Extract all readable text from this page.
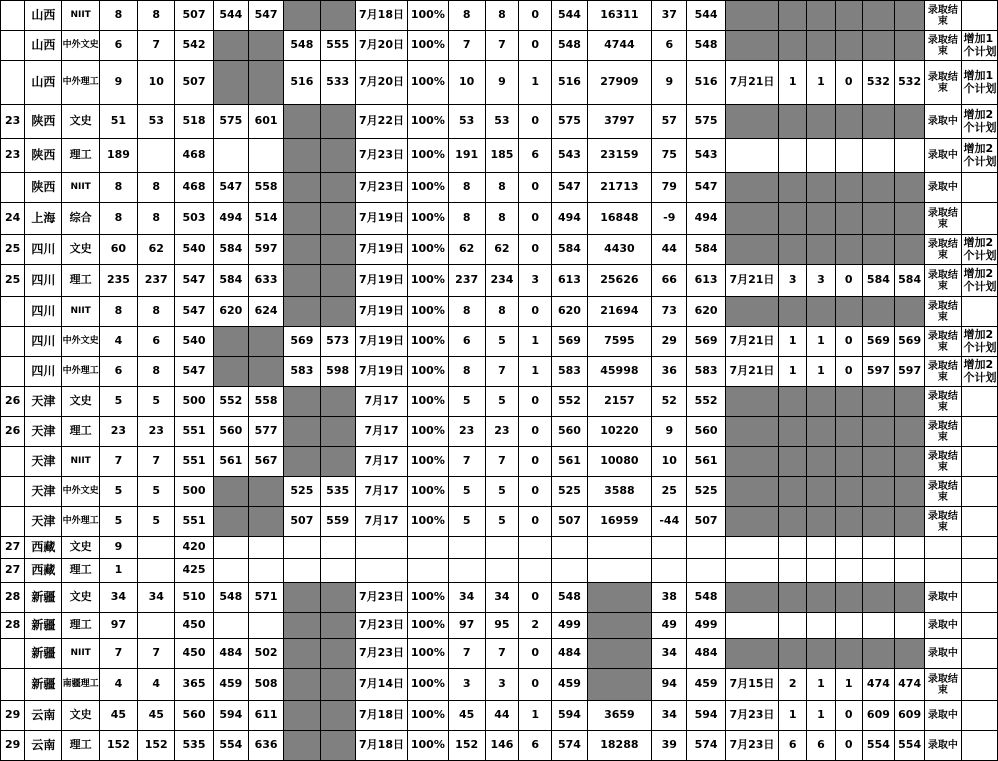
	山西	NIIT	8	8	507	544	547			7月18日	100%	8	8	0	544	16311	37	544							录取结束	
	山西	中外文史	6	7	542			548	555	7月20日	100%	7	7	0	548	4744	6	548							录取结束	增加1个计划
	山西	中外理工	9	10	507			516	533	7月20日	100%	10	9	1	516	27909	9	516	7月21日	1	1	0	532	532	录取结束	增加1个计划
23	陕西	文史	51	53	518	575	601			7月22日	100%	53	53	0	575	3797	57	575							录取中	增加2个计划
23	陕西	理工	189		468					7月23日	100%	191	185	6	543	23159	75	543							录取中	增加2个计划
	陕西	NIIT	8	8	468	547	558			7月23日	100%	8	8	0	547	21713	79	547							录取中	
24	上海	综合	8	8	503	494	514			7月19日	100%	8	8	0	494	16848	-9	494							录取结束	
25	四川	文史	60	62	540	584	597			7月19日	100%	62	62	0	584	4430	44	584							录取结束	增加2个计划
25	四川	理工	235	237	547	584	633			7月19日	100%	237	234	3	613	25626	66	613	7月21日	3	3	0	584	584	录取结束	增加2个计划
	四川	NIIT	8	8	547	620	624			7月19日	100%	8	8	0	620	21694	73	620							录取结束	
	四川	中外文史	4	6	540			569	573	7月19日	100%	6	5	1	569	7595	29	569	7月21日	1	1	0	569	569	录取结束	增加2个计划
	四川	中外理工	6	8	547			583	598	7月19日	100%	8	7	1	583	45998	36	583	7月21日	1	1	0	597	597	录取结束	增加2个计划
26	天津	文史	5	5	500	552	558			7月17	100%	5	5	0	552	2157	52	552							录取结束	
26	天津	理工	23	23	551	560	577			7月17	100%	23	23	0	560	10220	9	560							录取结束	
	天津	NIIT	7	7	551	561	567			7月17	100%	7	7	0	561	10080	10	561							录取结束	
	天津	中外文史	5	5	500			525	535	7月17	100%	5	5	0	525	3588	25	525							录取结束	
	天津	中外理工	5	5	551			507	559	7月17	100%	5	5	0	507	16959	-44	507							录取结束	
27	西藏	文史	9		420																					
27	西藏	理工	1		425																					
28	新疆	文史	34	34	510	548	571			7月23日	100%	34	34	0	548		38	548							录取中	
28	新疆	理工	97		450					7月23日	100%	97	95	2	499		49	499							录取中	
	新疆	NIIT	7	7	450	484	502			7月23日	100%	7	7	0	484		34	484							录取中	
	新疆	南疆理工	4	4	365	459	508			7月14日	100%	3	3	0	459		94	459	7月15日	2	1	1	474	474	录取结束	
29	云南	文史	45	45	560	594	611			7月18日	100%	45	44	1	594	3659	34	594	7月23日	1	1	0	609	609	录取中	
29	云南	理工	152	152	535	554	636			7月18日	100%	152	146	6	574	18288	39	574	7月23日	6	6	0	554	554	录取中	
